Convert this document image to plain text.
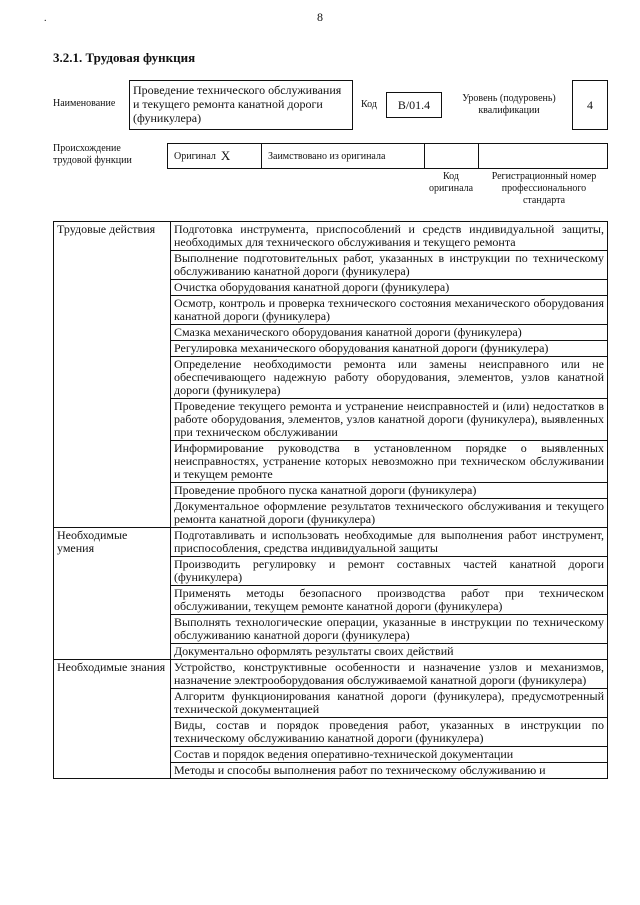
.	8
3.2.1. Трудовая функция
Наименование
Проведение технического обслуживания и текущего ремонта канатной дороги (фуникулера)
Код	B/01.4	Уровень (подуровень) квалификации	4
Происхождение трудовой функции	Оригинал X	Заимствовано из оригинала
Код оригинала
Регистрационный номер профессионального стандарта
Трудовые действия	Подготовка инструмента, приспособлений и средств индивидуальной защиты, необходимых для технического обслуживания и текущего ремонта
	Выполнение подготовительных работ, указанных в инструкции по техническому обслуживанию канатной дороги (фуникулера)
	Очистка оборудования канатной дороги (фуникулера)
	Осмотр, контроль и проверка технического состояния механического оборудования канатной дороги (фуникулера)
	Смазка механического оборудования канатной дороги (фуникулера)
	Регулировка механического оборудования канатной дороги (фуникулера)
	Определение необходимости ремонта или замены неисправного или не обеспечивающего надежную работу оборудования, элементов, узлов канатной дороги (фуникулера)
	Проведение текущего ремонта и устранение неисправностей и (или) недостатков в работе оборудования, элементов, узлов канатной дороги (фуникулера), выявленных при техническом обслуживании
	Информирование руководства в установленном порядке о выявленных неисправностях, устранение которых невозможно при техническом обслуживании и текущем ремонте
	Проведение пробного пуска канатной дороги (фуникулера)
	Документальное оформление результатов технического обслуживания и текущего ремонта канатной дороги (фуникулера)
Необходимые умения	Подготавливать и использовать необходимые для выполнения работ инструмент, приспособления, средства индивидуальной защиты
	Производить регулировку и ремонт составных частей канатной дороги (фуникулера)
	Применять методы безопасного производства работ при техническом обслуживании, текущем ремонте канатной дороги (фуникулера)
	Выполнять технологические операции, указанные в инструкции по техническому обслуживанию канатной дороги (фуникулера)
	Документально оформлять результаты своих действий
Необходимые знания	Устройство, конструктивные особенности и назначение узлов и механизмов, назначение электрооборудования обслуживаемой канатной дороги (фуникулера)
	Алгоритм функционирования канатной дороги (фуникулера), предусмотренный технической документацией
	Виды, состав и порядок проведения работ, указанных в инструкции по техническому обслуживанию канатной дороги (фуникулера)
	Состав и порядок ведения оперативно-технической документации
	Методы и способы выполнения работ по техническому обслуживанию и
